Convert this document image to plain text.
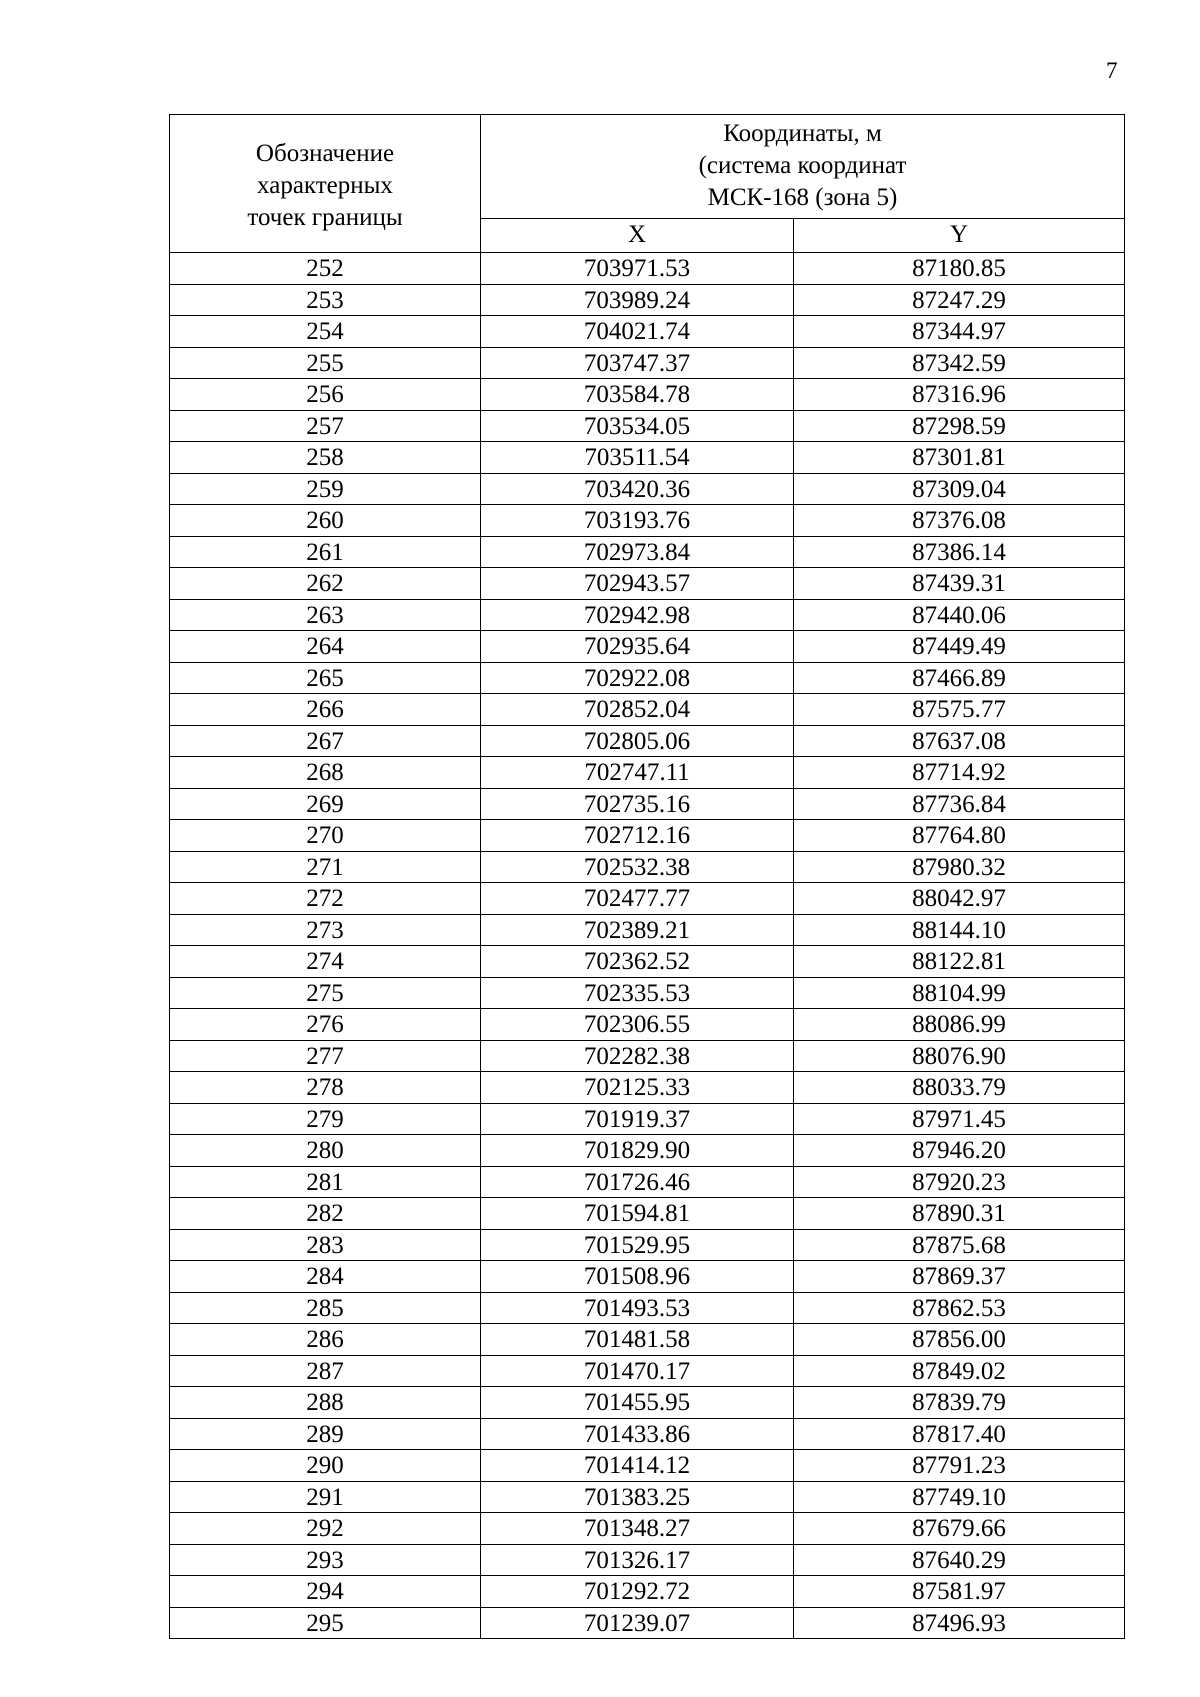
7
Обозначение
характерных
точек границы	Координаты, м
(система координат
МСК-168 (зона 5)	

	X	Y
252	703971.53	87180.85
253	703989.24	87247.29
254	704021.74	87344.97
255	703747.37	87342.59
256	703584.78	87316.96
257	703534.05	87298.59
258	703511.54	87301.81
259	703420.36	87309.04
260	703193.76	87376.08
261	702973.84	87386.14
262	702943.57	87439.31
263	702942.98	87440.06
264	702935.64	87449.49
265	702922.08	87466.89
266	702852.04	87575.77
267	702805.06	87637.08
268	702747.11	87714.92
269	702735.16	87736.84
270	702712.16	87764.80
271	702532.38	87980.32
272	702477.77	88042.97
273	702389.21	88144.10
274	702362.52	88122.81
275	702335.53	88104.99
276	702306.55	88086.99
277	702282.38	88076.90
278	702125.33	88033.79
279	701919.37	87971.45
280	701829.90	87946.20
281	701726.46	87920.23
282	701594.81	87890.31
283	701529.95	87875.68
284	701508.96	87869.37
285	701493.53	87862.53
286	701481.58	87856.00
287	701470.17	87849.02
288	701455.95	87839.79
289	701433.86	87817.40
290	701414.12	87791.23
291	701383.25	87749.10
292	701348.27	87679.66
293	701326.17	87640.29
294	701292.72	87581.97
295	701239.07	87496.93
